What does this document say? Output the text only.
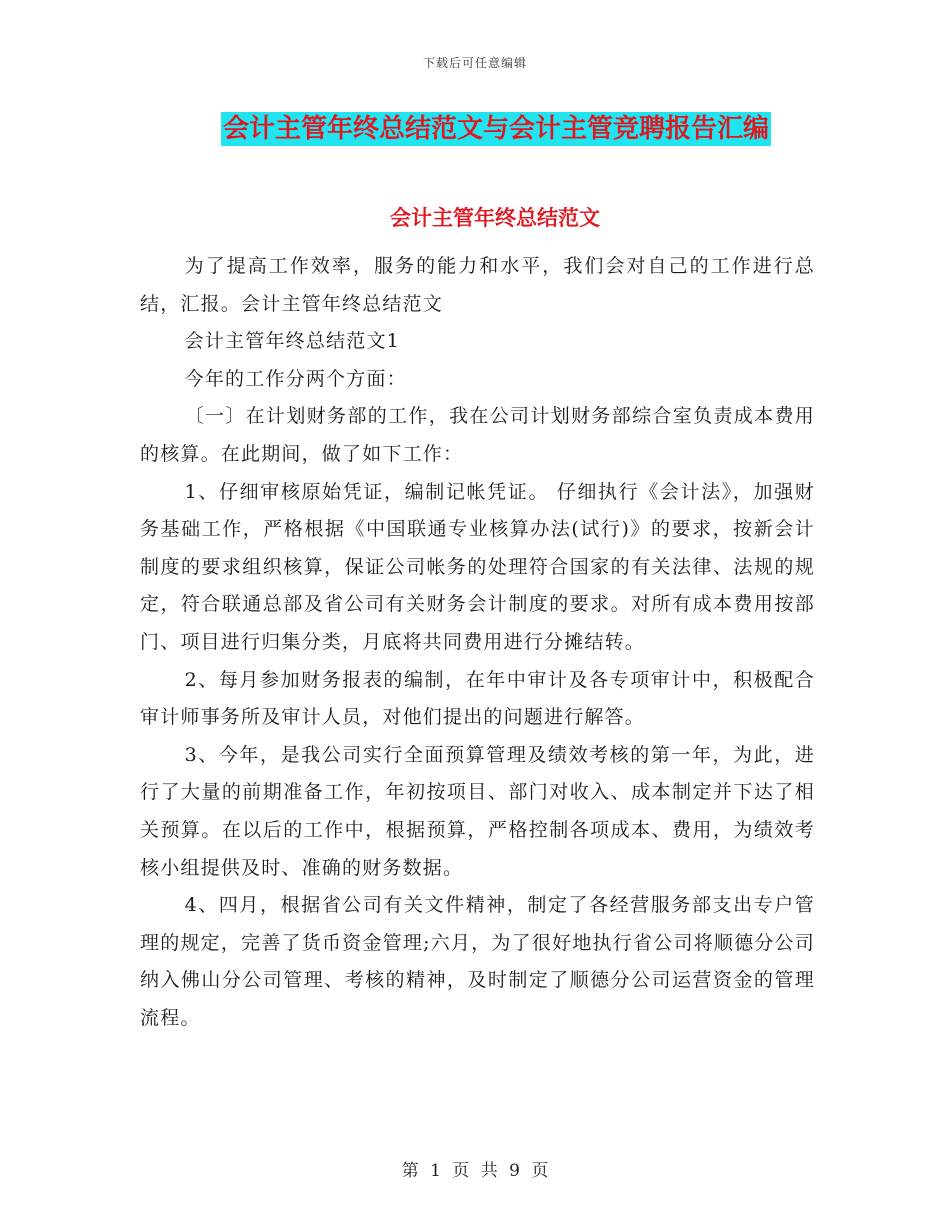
下载后可任意编辑
会计主管年终总结范文与会计主管竞聘报告汇编
会计主管年终总结范文

为了提高工作效率，服务的能力和水平，我们会对自己的工作进行总结，汇报。会计主管年终总结范文

会计主管年终总结范文1

今年的工作分两个方面：

〔一〕在计划财务部的工作，我在公司计划财务部综合室负责成本费用的核算。在此期间，做了如下工作：

1、仔细审核原始凭证，编制记帐凭证。 仔细执行《会计法》，加强财务基础工作，严格根据《中国联通专业核算办法(试行)》的要求，按新会计制度的要求组织核算，保证公司帐务的处理符合国家的有关法律、法规的规定，符合联通总部及省公司有关财务会计制度的要求。对所有成本费用按部门、项目进行归集分类，月底将共同费用进行分摊结转。

2、每月参加财务报表的编制，在年中审计及各专项审计中，积极配合审计师事务所及审计人员，对他们提出的问题进行解答。

3、今年，是我公司实行全面预算管理及绩效考核的第一年，为此，进行了大量的前期准备工作，年初按项目、部门对收入、成本制定并下达了相关预算。在以后的工作中，根据预算，严格控制各项成本、费用，为绩效考核小组提供及时、准确的财务数据。

4、四月，根据省公司有关文件精神，制定了各经营服务部支出专户管理的规定，完善了货币资金管理;六月，为了很好地执行省公司将顺德分公司纳入佛山分公司管理、考核的精神，及时制定了顺德分公司运营资金的管理流程。

第 1 页 共 9 页
